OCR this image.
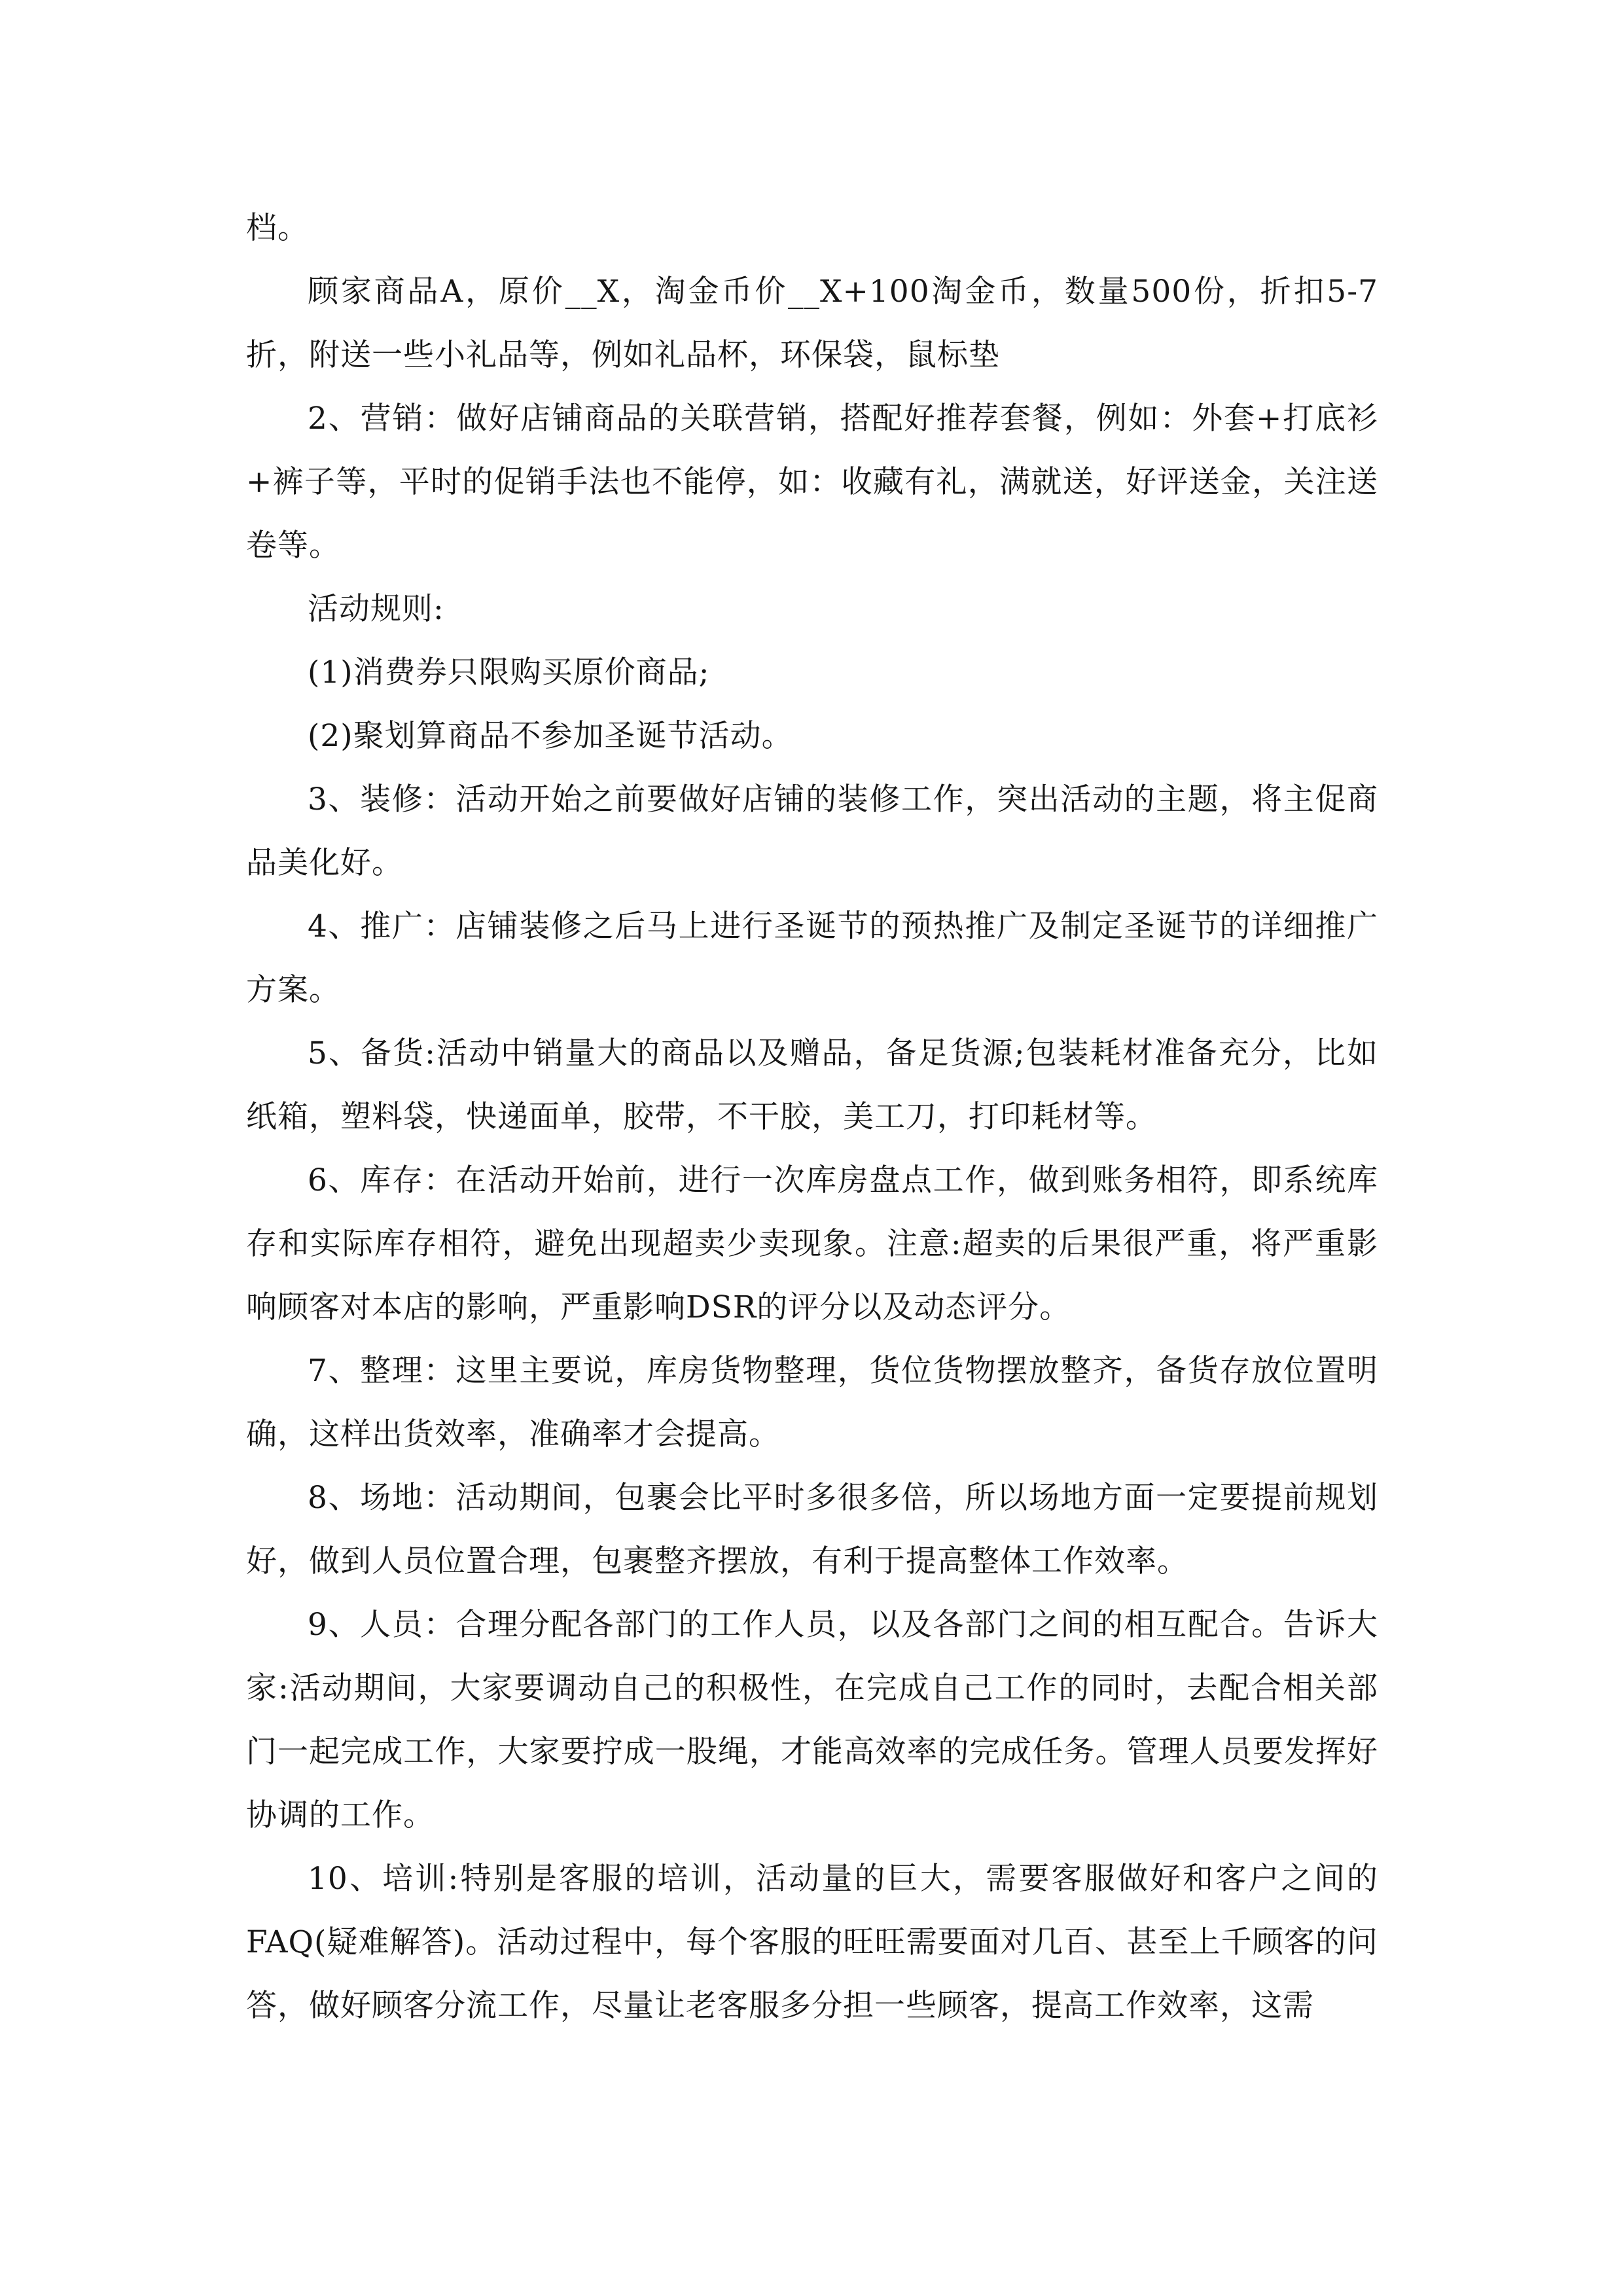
档。

顾家商品A，原价__X，淘金币价__X+100淘金币，数量500份，折扣5-7折，附送一些小礼品等，例如礼品杯，环保袋，鼠标垫

2、营销：做好店铺商品的关联营销，搭配好推荐套餐，例如：外套+打底衫+裤子等，平时的促销手法也不能停，如：收藏有礼，满就送，好评送金，关注送卷等。

活动规则:

(1)消费券只限购买原价商品;

(2)聚划算商品不参加圣诞节活动。

3、装修：活动开始之前要做好店铺的装修工作，突出活动的主题，将主促商品美化好。

4、推广：店铺装修之后马上进行圣诞节的预热推广及制定圣诞节的详细推广方案。

5、备货:活动中销量大的商品以及赠品，备足货源;包装耗材准备充分，比如纸箱，塑料袋，快递面单，胶带，不干胶，美工刀，打印耗材等。

6、库存：在活动开始前，进行一次库房盘点工作，做到账务相符，即系统库存和实际库存相符，避免出现超卖少卖现象。注意:超卖的后果很严重，将严重影响顾客对本店的影响，严重影响DSR的评分以及动态评分。

7、整理：这里主要说，库房货物整理，货位货物摆放整齐，备货存放位置明确，这样出货效率，准确率才会提高。

8、场地：活动期间，包裹会比平时多很多倍，所以场地方面一定要提前规划好，做到人员位置合理，包裹整齐摆放，有利于提高整体工作效率。

9、人员：合理分配各部门的工作人员，以及各部门之间的相互配合。告诉大家:活动期间，大家要调动自己的积极性，在完成自己工作的同时，去配合相关部门一起完成工作，大家要拧成一股绳，才能高效率的完成任务。管理人员要发挥好协调的工作。

10、培训:特别是客服的培训，活动量的巨大，需要客服做好和客户之间的FAQ(疑难解答)。活动过程中，每个客服的旺旺需要面对几百、甚至上千顾客的问答，做好顾客分流工作，尽量让老客服多分担一些顾客，提高工作效率，这需
